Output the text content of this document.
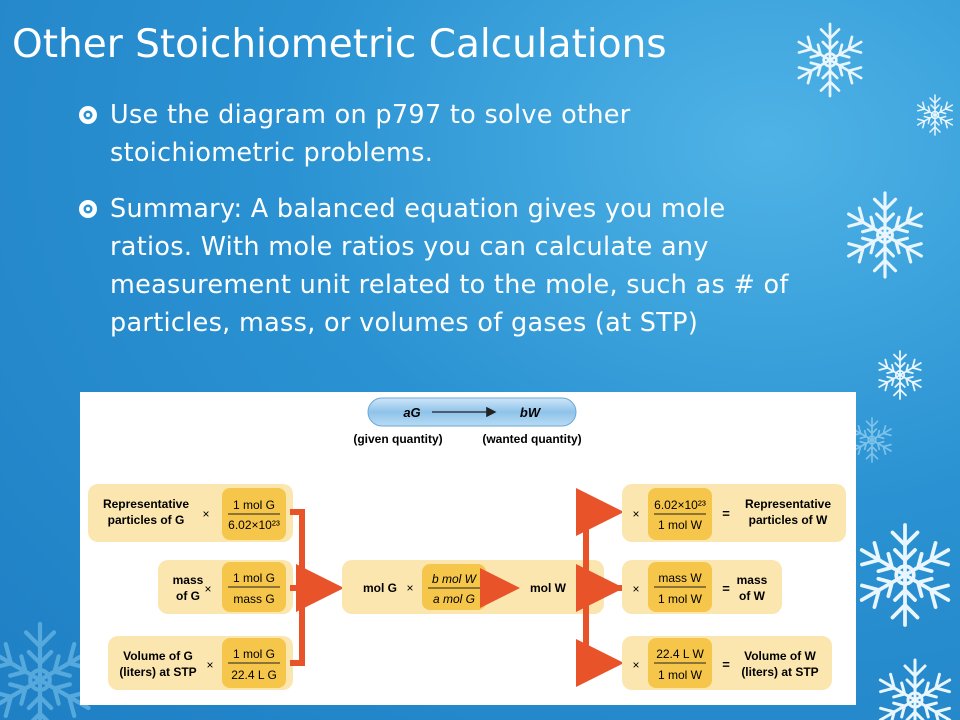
Other Stoichiometric Calculations
Use the diagram on p797 to solve other stoichiometric problems.
Summary: A balanced equation gives you mole ratios. With mole ratios you can calculate any measurement unit related to the mole, such as # of particles, mass, or volumes of gases (at STP)
aG	bW
(given quantity)	(wanted quantity)
Representative
particles of G ×
1 mol G
6.02×10²³
mass
of G ×
1 mol G
mass G
Volume of G
(liters) at STP ×
1 mol G
22.4 L G
mol G ×
b mol W
a mol G
mol W
×
6.02×10²³
1 mol W
=
Representative
particles of W
×
mass W
1 mol W
=
mass
of W
×
22.4 L W
1 mol W
=
Volume of W
(liters) at STP
